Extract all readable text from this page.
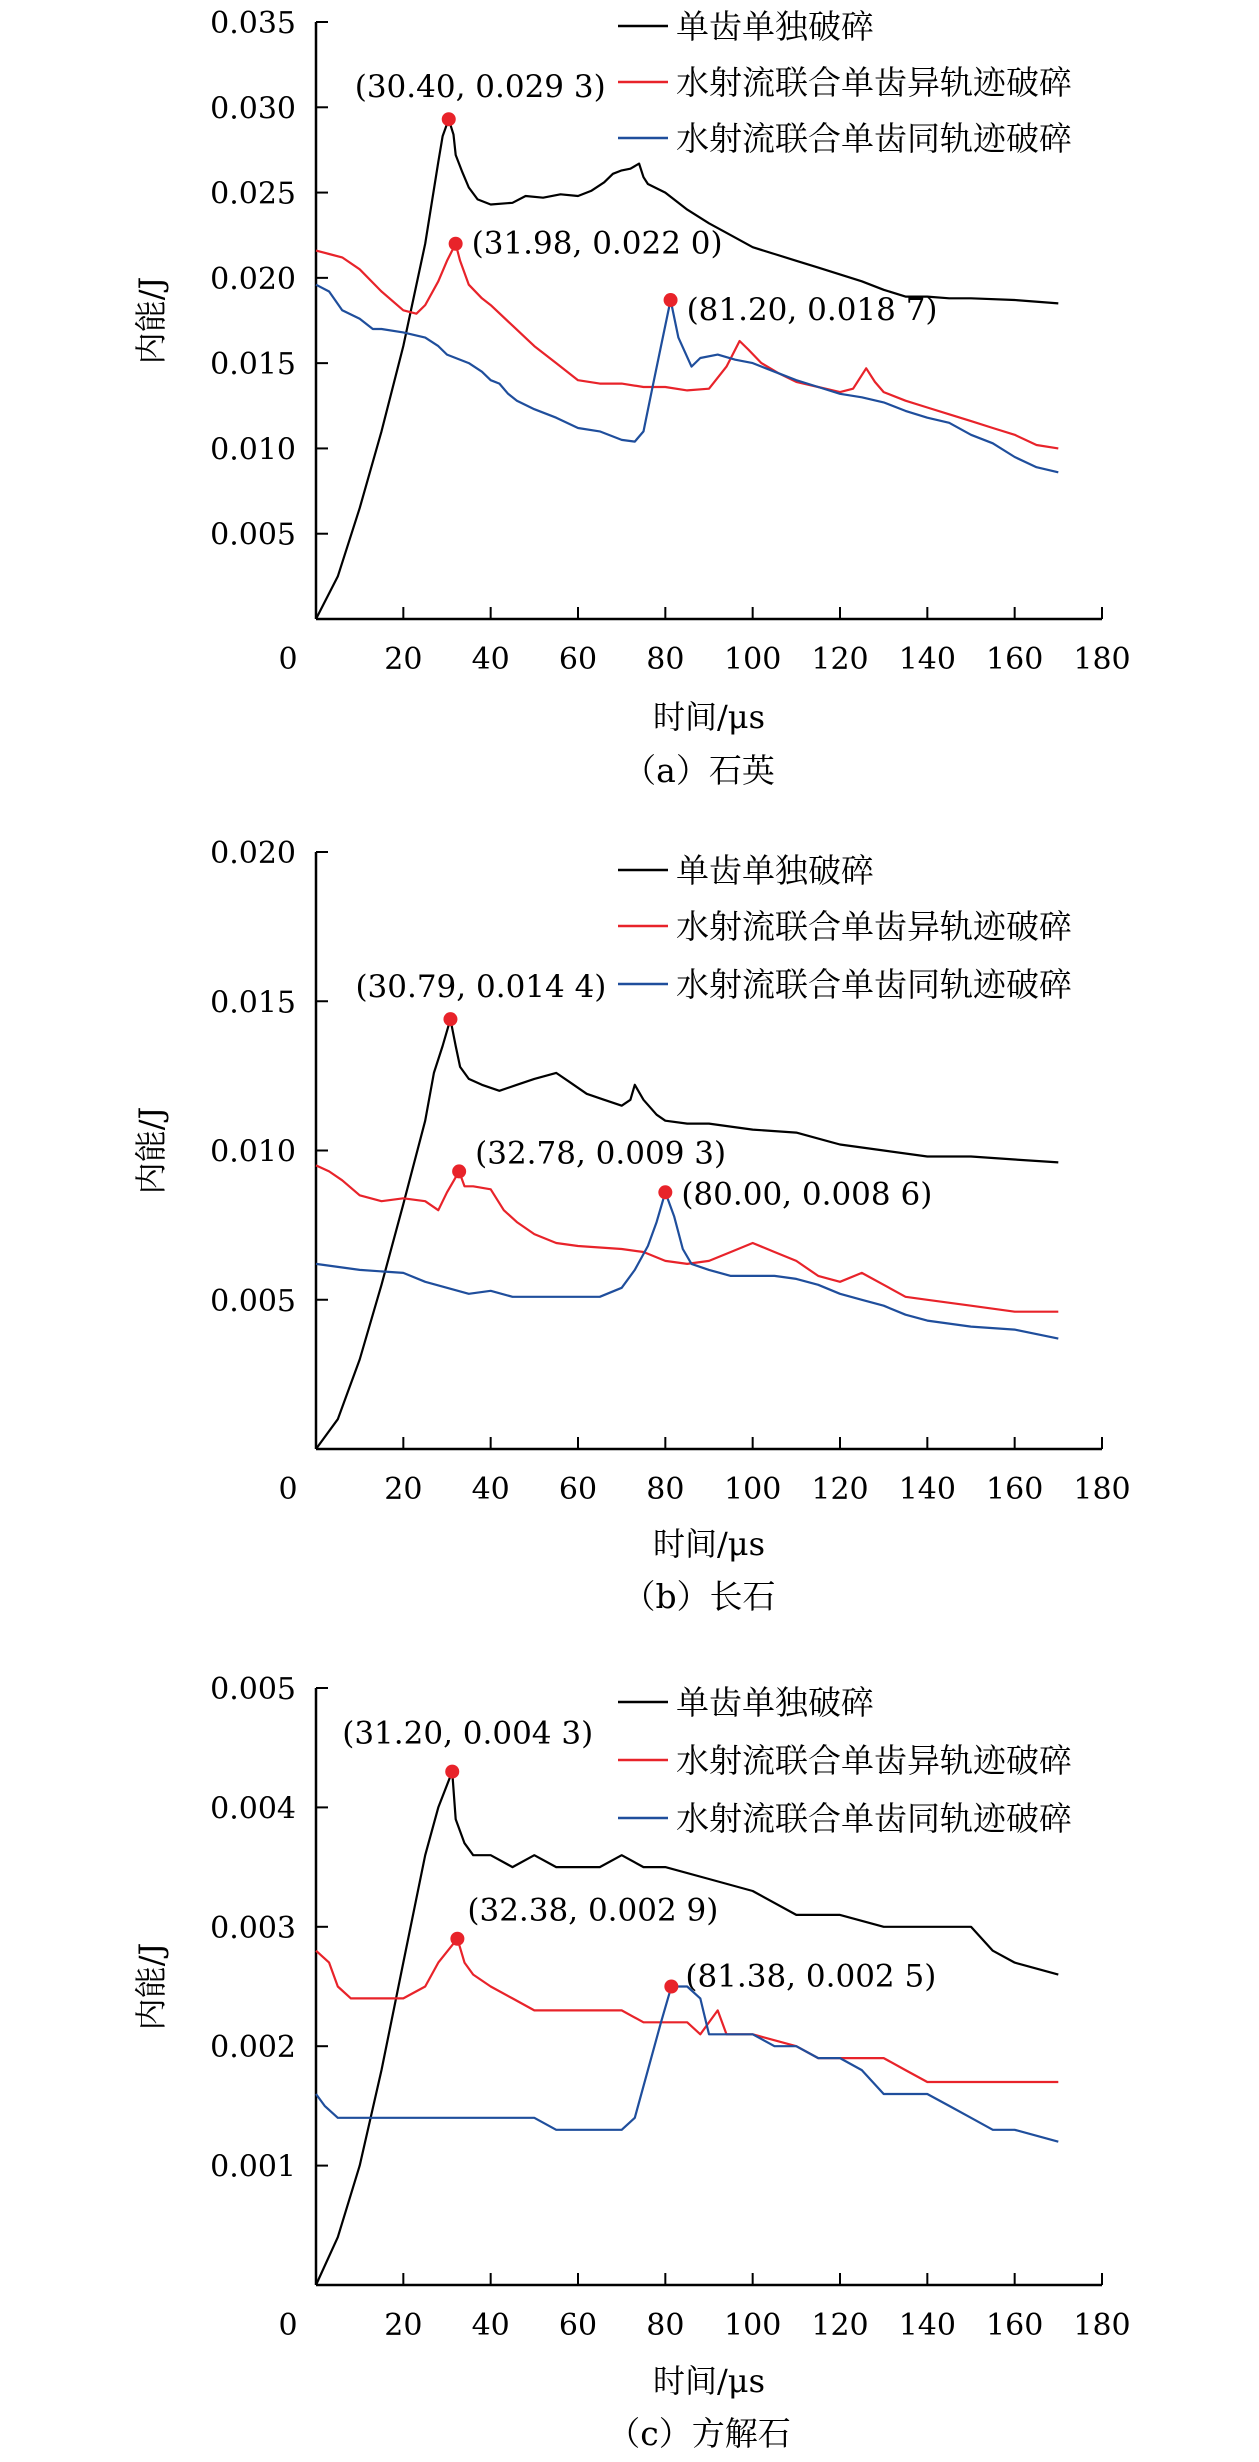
0.005
0.010
0.015
0.020
0.025
0.030
0.035
0	20 40 60 80 100 120 140 160 180
时间/μs
内能/J
（a）石英
单齿单独破碎
水射流联合单齿异轨迹破碎
水射流联合单齿同轨迹破碎
(30.40, 0.029 3)
(31.98, 0.022 0)
(81.20, 0.018 7)
0.005
0.010
0.015
0.020
0	20 40 60 80 100 120 140 160 180
时间/μs
内能/J
（b）长石
单齿单独破碎
水射流联合单齿异轨迹破碎
水射流联合单齿同轨迹破碎
(30.79, 0.014 4)
(32.78, 0.009 3)
(80.00, 0.008 6)
0.001
0.002
0.003
0.004
0.005
0	20 40 60 80 100 120 140 160 180
时间/μs
内能/J
（c）方解石
单齿单独破碎
水射流联合单齿异轨迹破碎
水射流联合单齿同轨迹破碎
(31.20, 0.004 3)
(32.38, 0.002 9)
(81.38, 0.002 5)
